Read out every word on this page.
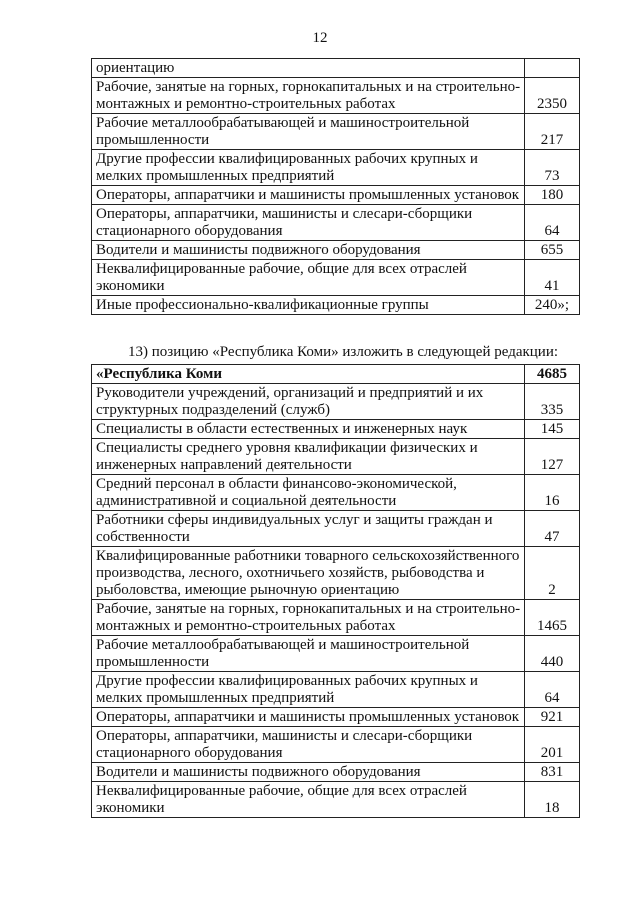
12
ориентацию	
Рабочие, занятые на горных, горнокапитальных и на строительно-монтажных и ремонтно-строительных работах	2350
Рабочие металлообрабатывающей и машиностроительной промышленности	217
Другие профессии квалифицированных рабочих крупных и мелких промышленных предприятий	73
Операторы, аппаратчики и машинисты промышленных установок	180
Операторы, аппаратчики, машинисты и слесари-сборщики стационарного оборудования	64
Водители и машинисты подвижного оборудования	655
Неквалифицированные рабочие, общие для всех отраслей экономики	41
Иные профессионально-квалификационные группы	240»;
13) позицию «Республика Коми» изложить в следующей редакции:
«Республика Коми	4685
Руководители учреждений, организаций и предприятий и их структурных подразделений (служб)	335
Специалисты в области естественных и инженерных наук	145
Специалисты среднего уровня квалификации физических и инженерных направлений деятельности	127
Средний персонал в области финансово-экономической, административной и социальной деятельности	16
Работники сферы индивидуальных услуг и защиты граждан и собственности	47
Квалифицированные работники товарного сельскохозяйственного производства, лесного, охотничьего хозяйств, рыбоводства и рыболовства, имеющие рыночную ориентацию	2
Рабочие, занятые на горных, горнокапитальных и на строительно-монтажных и ремонтно-строительных работах	1465
Рабочие металлообрабатывающей и машиностроительной промышленности	440
Другие профессии квалифицированных рабочих крупных и мелких промышленных предприятий	64
Операторы, аппаратчики и машинисты промышленных установок	921
Операторы, аппаратчики, машинисты и слесари-сборщики стационарного оборудования	201
Водители и машинисты подвижного оборудования	831
Неквалифицированные рабочие, общие для всех отраслей экономики	18
